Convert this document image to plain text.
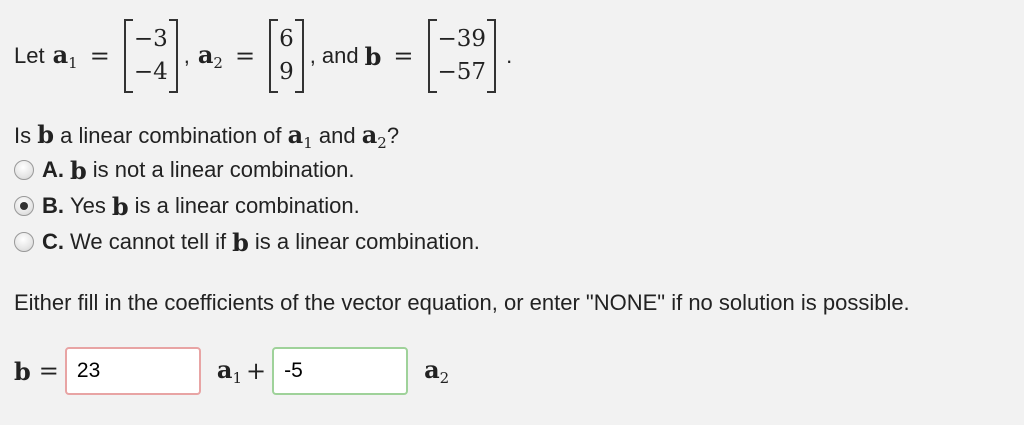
Let $a_1$ =
−3
−4
, $a_2$ =
6
9
, and b =
−39
−57
.
Is b a linear combination of $a_1$ and $a_2$?
A. b is not a linear combination.
B. Yes b is a linear combination.
C. We cannot tell if b is a linear combination.
Either fill in the coefficients of the vector equation, or enter "NONE" if no solution is possible.
b =
23	$a_1$ +
-5	$a_2$
